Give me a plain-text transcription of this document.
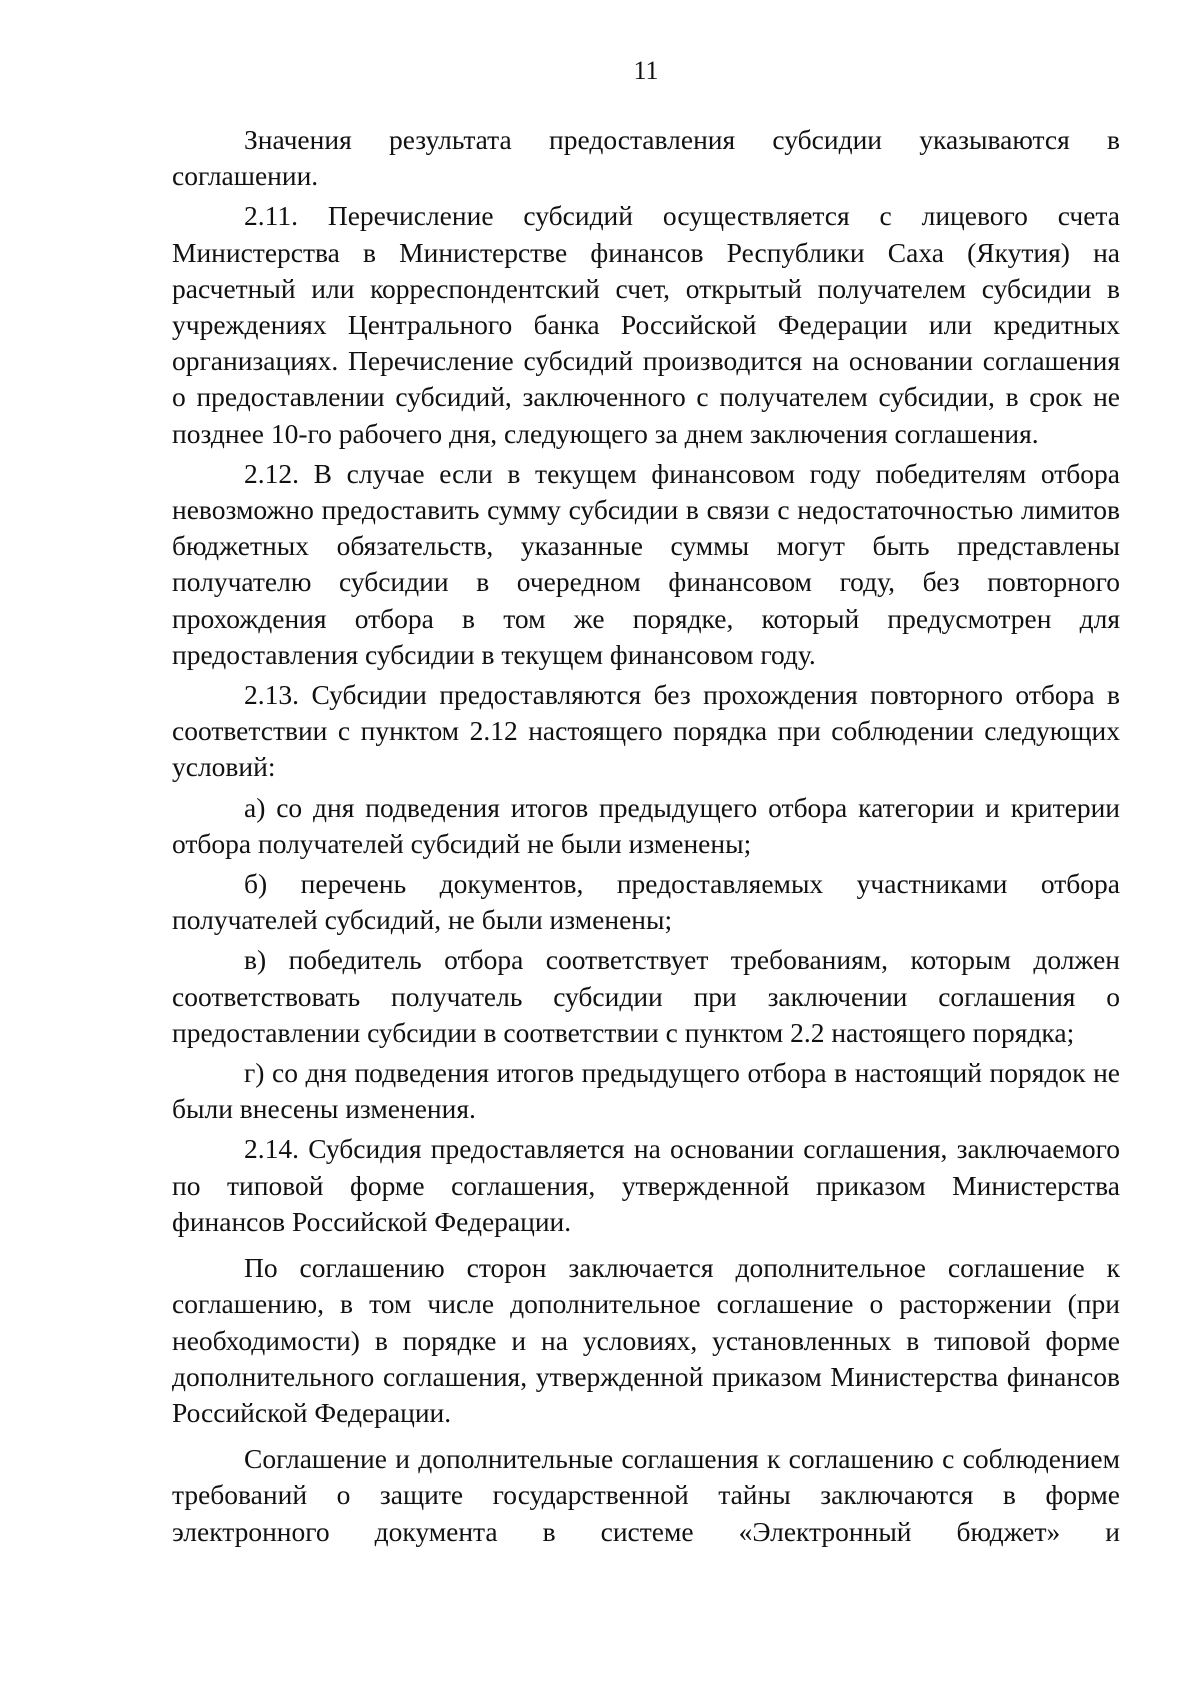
11

Значения результата предоставления субсидии указываются в соглашении.

2.11. Перечисление субсидий осуществляется с лицевого счета Министерства в Министерстве финансов Республики Саха (Якутия) на расчетный или корреспондентский счет, открытый получателем субсидии в учреждениях Центрального банка Российской Федерации или кредитных организациях. Перечисление субсидий производится на основании соглашения о предоставлении субсидий, заключенного с получателем субсидии, в срок не позднее 10-го рабочего дня, следующего за днем заключения соглашения.

2.12. В случае если в текущем финансовом году победителям отбора невозможно предоставить сумму субсидии в связи с недостаточностью лимитов бюджетных обязательств, указанные суммы могут быть представлены получателю субсидии в очередном финансовом году, без повторного прохождения отбора в том же порядке, который предусмотрен для предоставления субсидии в текущем финансовом году.

2.13. Субсидии предоставляются без прохождения повторного отбора в соответствии с пунктом 2.12 настоящего порядка при соблюдении следующих условий:

а) со дня подведения итогов предыдущего отбора категории и критерии отбора получателей субсидий не были изменены;

б) перечень документов, предоставляемых участниками отбора получателей субсидий, не были изменены;

в) победитель отбора соответствует требованиям, которым должен соответствовать получатель субсидии при заключении соглашения о предоставлении субсидии в соответствии с пунктом 2.2 настоящего порядка;

г) со дня подведения итогов предыдущего отбора в настоящий порядок не были внесены изменения.

2.14. Субсидия предоставляется на основании соглашения, заключаемого по типовой форме соглашения, утвержденной приказом Министерства финансов Российской Федерации.

По соглашению сторон заключается дополнительное соглашение к соглашению, в том числе дополнительное соглашение о расторжении (при необходимости) в порядке и на условиях, установленных в типовой форме дополнительного соглашения, утвержденной приказом Министерства финансов Российской Федерации.

Соглашение и дополнительные соглашения к соглашению с соблюдением требований о защите государственной тайны заключаются в форме электронного документа в системе «Электронный бюджет» и
